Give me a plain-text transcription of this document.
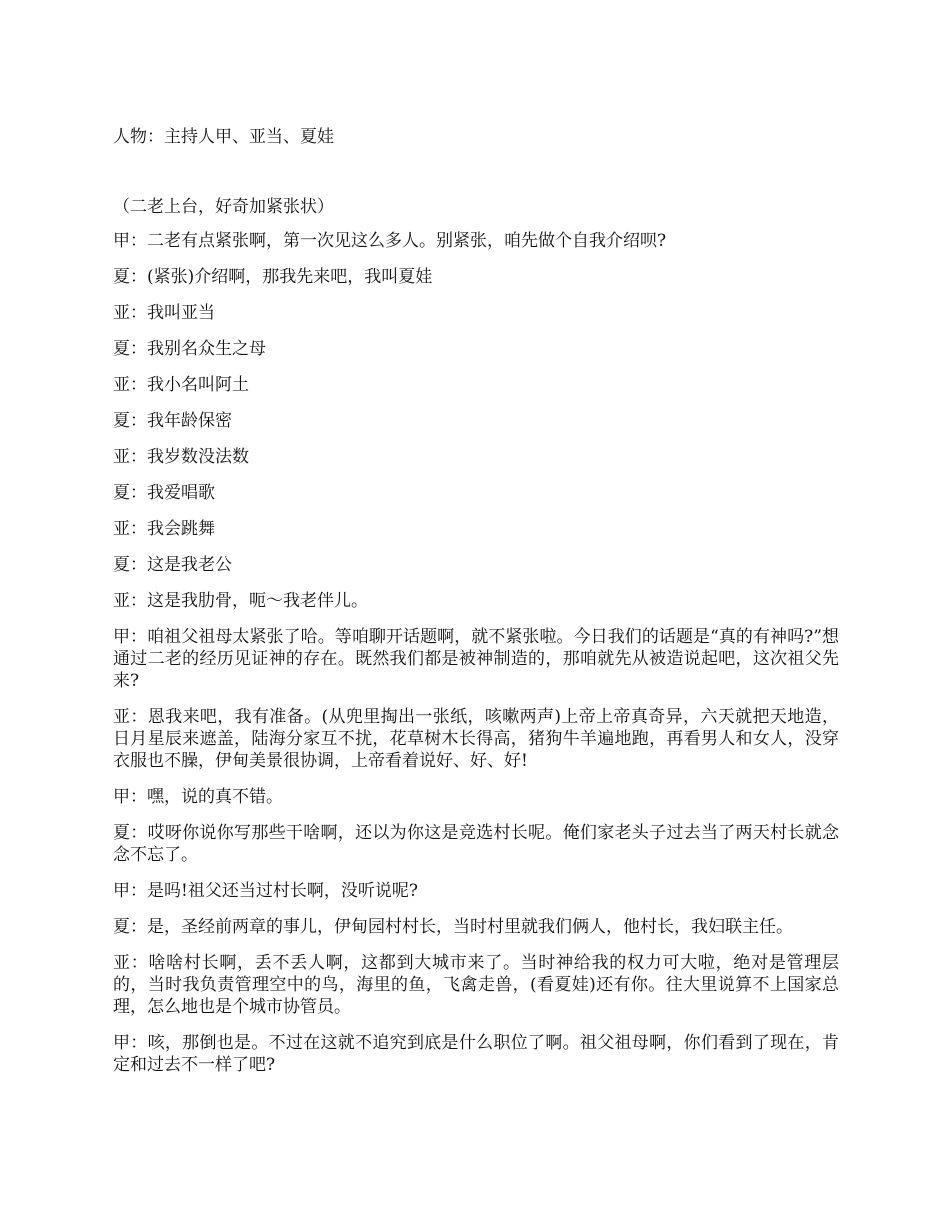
人物：主持人甲、亚当、夏娃

（二老上台，好奇加紧张状）

甲：二老有点紧张啊，第一次见这么多人。别紧张，咱先做个自我介绍呗?

夏：(紧张)介绍啊，那我先来吧，我叫夏娃

亚：我叫亚当

夏：我别名众生之母

亚：我小名叫阿土

夏：我年龄保密

亚：我岁数没法数

夏：我爱唱歌

亚：我会跳舞

夏：这是我老公

亚：这是我肋骨，呃～我老伴儿。

甲：咱祖父祖母太紧张了哈。等咱聊开话题啊，就不紧张啦。今日我们的话题是“真的有神吗?”想通过二老的经历见证神的存在。既然我们都是被神制造的，那咱就先从被造说起吧，这次祖父先来?

亚：恩我来吧，我有准备。(从兜里掏出一张纸，咳嗽两声)上帝上帝真奇异，六天就把天地造，日月星辰来遮盖，陆海分家互不扰，花草树木长得高，猪狗牛羊遍地跑，再看男人和女人，没穿衣服也不臊，伊甸美景很协调，上帝看着说好、好、好!

甲：嘿，说的真不错。

夏：哎呀你说你写那些干啥啊，还以为你这是竞选村长呢。俺们家老头子过去当了两天村长就念念不忘了。

甲：是吗!祖父还当过村长啊，没听说呢?

夏：是，圣经前两章的事儿，伊甸园村村长，当时村里就我们俩人，他村长，我妇联主任。

亚：啥啥村长啊，丢不丢人啊，这都到大城市来了。当时神给我的权力可大啦，绝对是管理层的，当时我负责管理空中的鸟，海里的鱼，飞禽走兽，(看夏娃)还有你。往大里说算不上国家总理，怎么地也是个城市协管员。

甲：咳，那倒也是。不过在这就不追究到底是什么职位了啊。祖父祖母啊，你们看到了现在，肯定和过去不一样了吧?
